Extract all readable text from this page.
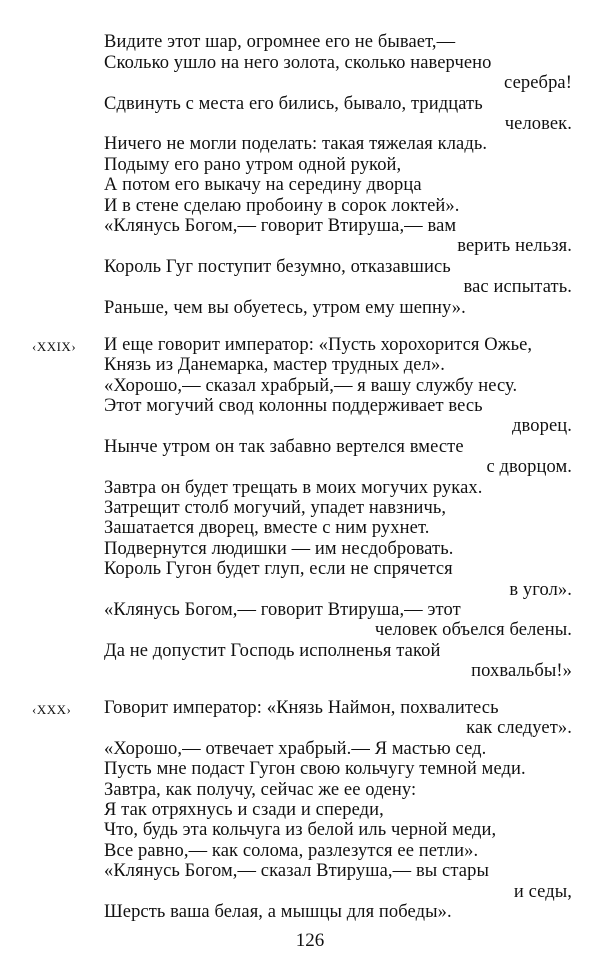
Видите этот шар, огромнее его не бывает,—
Сколько ушло на него золота, сколько наверчено
серебра!
Сдвинуть с места его бились, бывало, тридцать
человек.
Ничего не могли поделать: такая тяжелая кладь.
Подыму его рано утром одной рукой,
А потом его выкачу на середину дворца
И в стене сделаю пробоину в сорок локтей».
«Клянусь Богом,— говорит Втируша,— вам
верить нельзя.
Король Гуг поступит безумно, отказавшись
вас испытать.
Раньше, чем вы обуетесь, утром ему шепну».
‹XXIX› И еще говорит император: «Пусть хорохорится Ожье,
Князь из Данемарка, мастер трудных дел».
«Хорошо,— сказал храбрый,— я вашу службу несу.
Этот могучий свод колонны поддерживает весь
дворец.
Нынче утром он так забавно вертелся вместе
с дворцом.
Завтра он будет трещать в моих могучих руках.
Затрещит столб могучий, упадет навзничь,
Зашатается дворец, вместе с ним рухнет.
Подвернутся людишки — им несдобровать.
Король Гугон будет глуп, если не спрячется
в угол».
«Клянусь Богом,— говорит Втируша,— этот
человек объелся белены.
Да не допустит Господь исполненья такой
похвальбы!»
‹XXX› Говорит император: «Князь Наймон, похвалитесь
как следует».
«Хорошо,— отвечает храбрый.— Я мастью сед.
Пусть мне подаст Гугон свою кольчугу темной меди.
Завтра, как получу, сейчас же ее одену:
Я так отряхнусь и сзади и спереди,
Что, будь эта кольчуга из белой иль черной меди,
Все равно,— как солома, разлезутся ее петли».
«Клянусь Богом,— сказал Втируша,— вы стары
и седы,
Шерсть ваша белая, а мышцы для победы».
126
